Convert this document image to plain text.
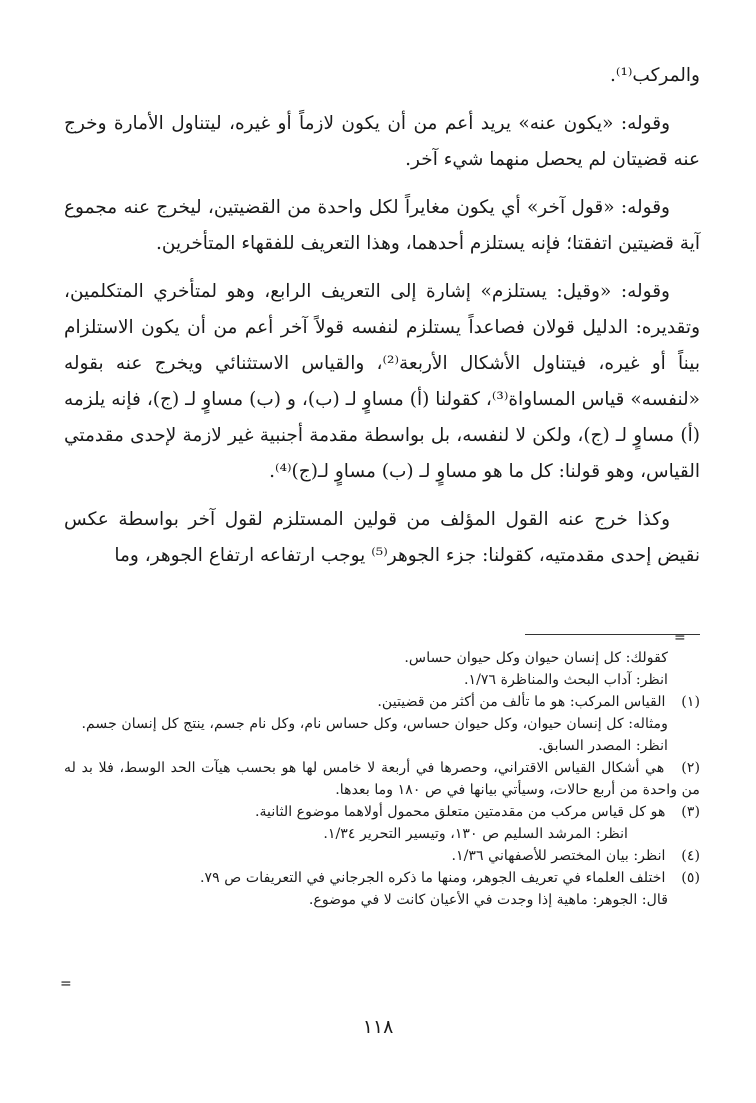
والمركب⁽¹⁾.

وقوله: «يكون عنه» يريد أعم من أن يكون لازماً أو غيره، ليتناول الأمارة وخرج عنه قضيتان لم يحصل منهما شيء آخر.

وقوله: «قول آخر» أي يكون مغايراً لكل واحدة من القضيتين، ليخرج عنه مجموع آية قضيتين اتفقتا؛ فإنه يستلزم أحدهما، وهذا التعريف للفقهاء المتأخرين.

وقوله: «وقيل: يستلزم» إشارة إلى التعريف الرابع، وهو لمتأخري المتكلمين، وتقديره: الدليل قولان فصاعداً يستلزم لنفسه قولاً آخر أعم من أن يكون الاستلزام بيناً أو غيره، فيتناول الأشكال الأربعة⁽²⁾، والقياس الاستثنائي ويخرج عنه بقوله «لنفسه» قياس المساواة⁽³⁾، كقولنا (أ) مساوٍ لـ (ب)، و (ب) مساوٍ لـ (ج)، فإنه يلزمه (أ) مساوٍ لـ (ج)، ولكن لا لنفسه، بل بواسطة مقدمة أجنبية غير لازمة لإحدى مقدمتي القياس، وهو قولنا: كل ما هو مساوٍ لـ (ب) مساوٍ لـ(ج)⁽⁴⁾.

وكذا خرج عنه القول المؤلف من قولين المستلزم لقول آخر بواسطة عكس نقيض إحدى مقدمتيه، كقولنا: جزء الجوهر⁽⁵⁾ يوجب ارتفاعه ارتفاع الجوهر، وما

كقولك: كل إنسان حيوان وكل حيوان حساس.
انظر: آداب البحث والمناظرة ١/٧٦.
(١) القياس المركب: هو ما تألف من أكثر من قضيتين.
ومثاله: كل إنسان حيوان، وكل حيوان حساس، وكل حساس نام، وكل نام جسم، ينتج كل إنسان جسم.
انظر: المصدر السابق.
(٢) هي أشكال القياس الاقتراني، وحصرها في أربعة لا خامس لها هو بحسب هيآت الحد الوسط، فلا بد له من واحدة من أربع حالات، وسيأتي بيانها في ص ١٨٠ وما بعدها.
(٣) هو كل قياس مركب من مقدمتين متعلق محمول أولاهما موضوع الثانية.
انظر: المرشد السليم ص ١٣٠، وتيسير التحرير ١/٣٤.
(٤) انظر: بيان المختصر للأصفهاني ١/٣٦.
(٥) اختلف العلماء في تعريف الجوهر، ومنها ما ذكره الجرجاني في التعريفات ص ٧٩.
قال: الجوهر: ماهية إذا وجدت في الأعيان كانت لا في موضوع.
=
=
١١٨
